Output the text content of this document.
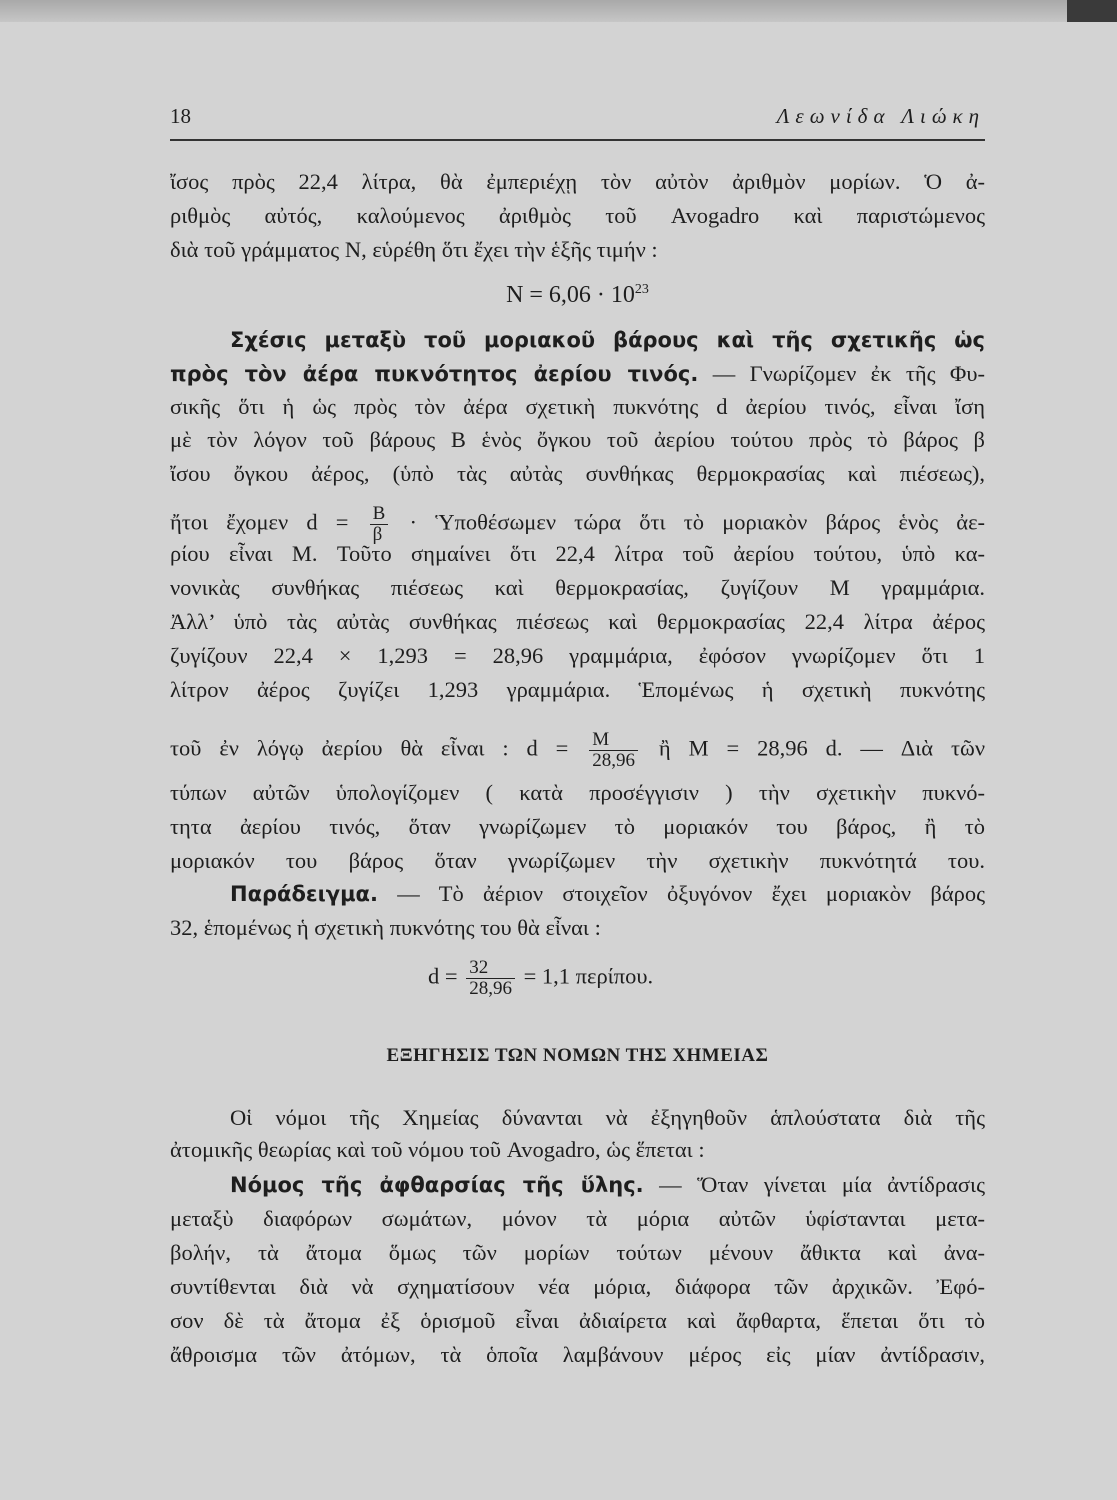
18	Λεωνίδα Λιώκη
ἴσος πρὸς 22,4 λίτρα, θὰ ἐμπεριέχῃ τὸν αὐτὸν ἀριθμὸν μορίων. Ὁ ἀ-
ριθμὸς αὐτός, καλούμενος ἀριθμὸς τοῦ Avogadro καὶ παριστώμενος
διὰ τοῦ γράμματος N, εὑρέθη ὅτι ἔχει τὴν ἑξῆς τιμήν :
$N = 6,06 \cdot 10^{23}$
Σχέσις μεταξὺ τοῦ μοριακοῦ βάρους καὶ τῆς σχετικῆς ὡς
πρὸς τὸν ἀέρα πυκνότητος ἀερίου τινός. — Γνωρίζομεν ἐκ τῆς Φυ-
σικῆς ὅτι ἡ ὡς πρὸς τὸν ἀέρα σχετικὴ πυκνότης d ἀερίου τινός, εἶναι ἴση
μὲ τὸν λόγον τοῦ βάρους B ἑνὸς ὄγκου τοῦ ἀερίου τούτου πρὸς τὸ βάρος β
ἴσου ὄγκου ἀέρος, (ὑπὸ τὰς αὐτὰς συνθήκας θερμοκρασίας καὶ πιέσεως),
ἤτοι ἔχομεν $d = \frac{B}{\beta}$ · Ὑποθέσωμεν τώρα ὅτι τὸ μοριακὸν βάρος ἑνὸς ἀε-
ρίου εἶναι M. Τοῦτο σημαίνει ὅτι 22,4 λίτρα τοῦ ἀερίου τούτου, ὑπὸ κα-
νονικὰς συνθήκας πιέσεως καὶ θερμοκρασίας, ζυγίζουν M γραμμάρια.
Ἀλλ’ ὑπὸ τὰς αὐτὰς συνθήκας πιέσεως καὶ θερμοκρασίας 22,4 λίτρα ἀέρος
ζυγίζουν 22,4 × 1,293 = 28,96 γραμμάρια, ἐφόσον γνωρίζομεν ὅτι 1
λίτρον ἀέρος ζυγίζει 1,293 γραμμάρια. Ἑπομένως ἡ σχετικὴ πυκνότης
τοῦ ἐν λόγῳ ἀερίου θὰ εἶναι : $d = \frac{M}{28,96}$ ἢ M = 28,96 d. — Διὰ τῶν
τύπων αὐτῶν ὑπολογίζομεν ( κατὰ προσέγγισιν ) τὴν σχετικὴν πυκνό-
τητα ἀερίου τινός, ὅταν γνωρίζωμεν τὸ μοριακόν του βάρος, ἢ τὸ
μοριακόν του βάρος ὅταν γνωρίζωμεν τὴν σχετικὴν πυκνότητά του.
Παράδειγμα. — Τὸ ἀέριον στοιχεῖον ὀξυγόνον ἔχει μοριακὸν βάρος
32, ἑπομένως ἡ σχετικὴ πυκνότης του θὰ εἶναι :
$d = \frac{32}{28,96} = 1,1$ περίπου.
ΕΞΗΓΗΣΙΣ ΤΩΝ ΝΟΜΩΝ ΤΗΣ ΧΗΜΕΙΑΣ
Οἱ νόμοι τῆς Χημείας δύνανται νὰ ἐξηγηθοῦν ἁπλούστατα διὰ τῆς
ἀτομικῆς θεωρίας καὶ τοῦ νόμου τοῦ Avogadro, ὡς ἕπεται :
Νόμος τῆς ἀφθαρσίας τῆς ὕλης. — Ὅταν γίνεται μία ἀντίδρασις
μεταξὺ διαφόρων σωμάτων, μόνον τὰ μόρια αὐτῶν ὑφίστανται μετα-
βολήν, τὰ ἄτομα ὅμως τῶν μορίων τούτων μένουν ἄθικτα καὶ ἀνα-
συντίθενται διὰ νὰ σχηματίσουν νέα μόρια, διάφορα τῶν ἀρχικῶν. Ἐφό-
σον δὲ τὰ ἄτομα ἐξ ὁρισμοῦ εἶναι ἀδιαίρετα καὶ ἄφθαρτα, ἕπεται ὅτι τὸ
ἄθροισμα τῶν ἀτόμων, τὰ ὁποῖα λαμβάνουν μέρος εἰς μίαν ἀντίδρασιν,
